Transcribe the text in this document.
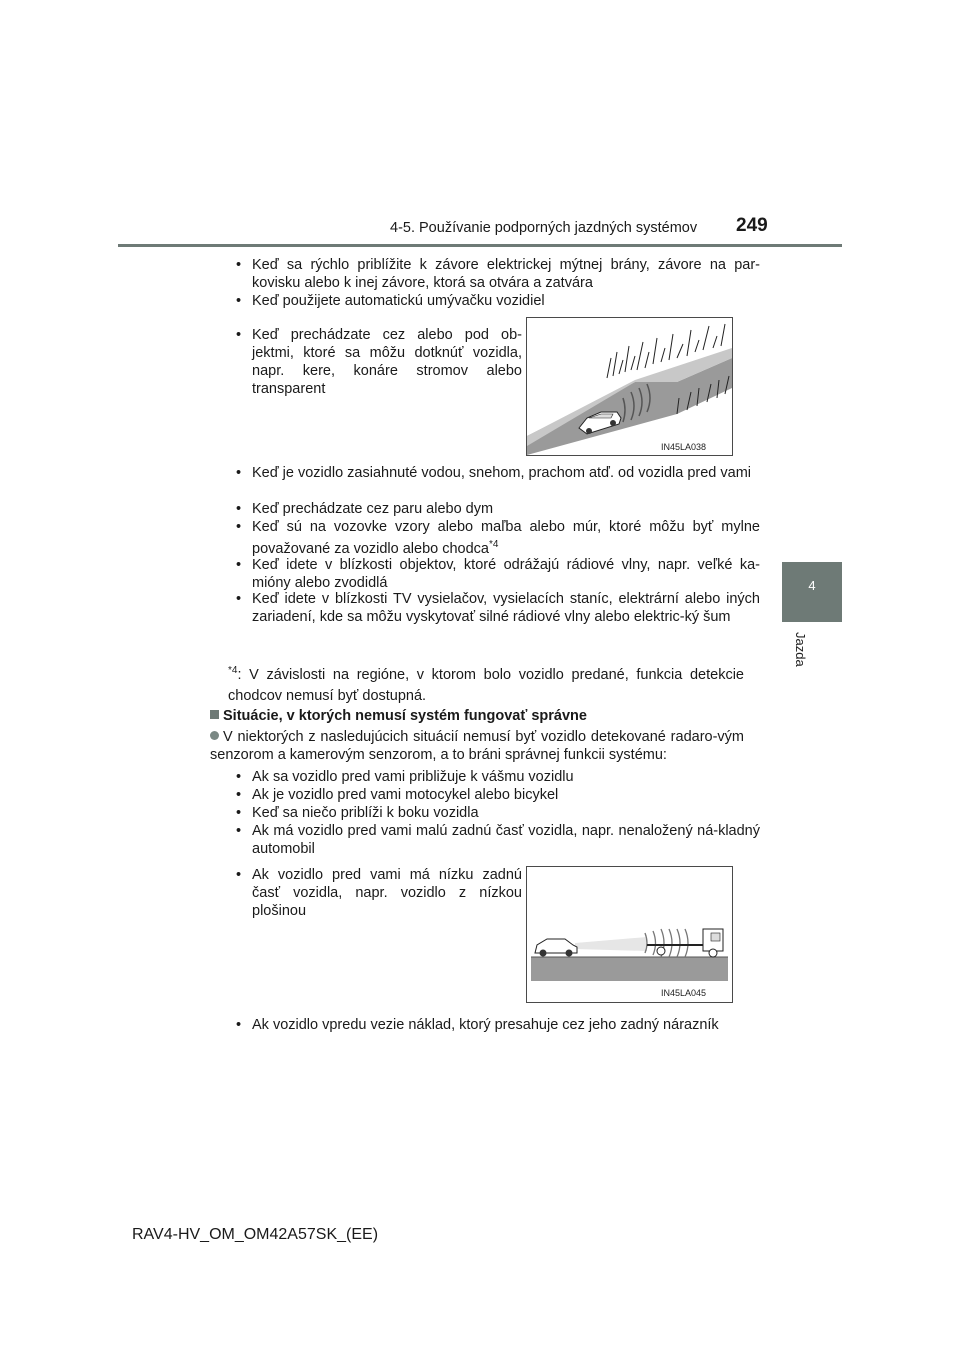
4-5. Používanie podporných jazdných systémov 249
4
Jazda
• Keď sa rýchlo priblížite k závore elektrickej mýtnej brány, závore na par-kovisku alebo k inej závore, ktorá sa otvára a zatvára
• Keď použijete automatickú umývačku vozidiel
• Keď prechádzate cez alebo pod ob-jektmi, ktoré sa môžu dotknúť vozidla, napr. kere, konáre stromov alebo transparent
IN45LA038
• Keď je vozidlo zasiahnuté vodou, snehom, prachom atď. od vozidla pred vami
• Keď prechádzate cez paru alebo dym
• Keď sú na vozovke vzory alebo maľba alebo múr, ktoré môžu byť mylne považované za vozidlo alebo chodca$^{*4}$
• Keď idete v blízkosti objektov, ktoré odrážajú rádiové vlny, napr. veľké ka-mióny alebo zvodidlá
• Keď idete v blízkosti TV vysielačov, vysielacích staníc, elektrární alebo iných zariadení, kde sa môžu vyskytovať silné rádiové vlny alebo elektric-ký šum
$^{*4}$: V závislosti na regióne, v ktorom bolo vozidlo predané, funkcia detekcie chodcov nemusí byť dostupná.
Situácie, v ktorých nemusí systém fungovať správne
V niektorých z nasledujúcich situácií nemusí byť vozidlo detekované radaro-vým senzorom a kamerovým senzorom, a to bráni správnej funkcii systému:
• Ak sa vozidlo pred vami približuje k vášmu vozidlu
• Ak je vozidlo pred vami motocykel alebo bicykel
• Keď sa niečo priblíži k boku vozidla
• Ak má vozidlo pred vami malú zadnú časť vozidla, napr. nenaložený ná-kladný automobil
• Ak vozidlo pred vami má nízku zadnú časť vozidla, napr. vozidlo z nízkou plošinou
IN45LA045
• Ak vozidlo vpredu vezie náklad, ktorý presahuje cez jeho zadný nárazník
RAV4-HV_OM_OM42A57SK_(EE)
